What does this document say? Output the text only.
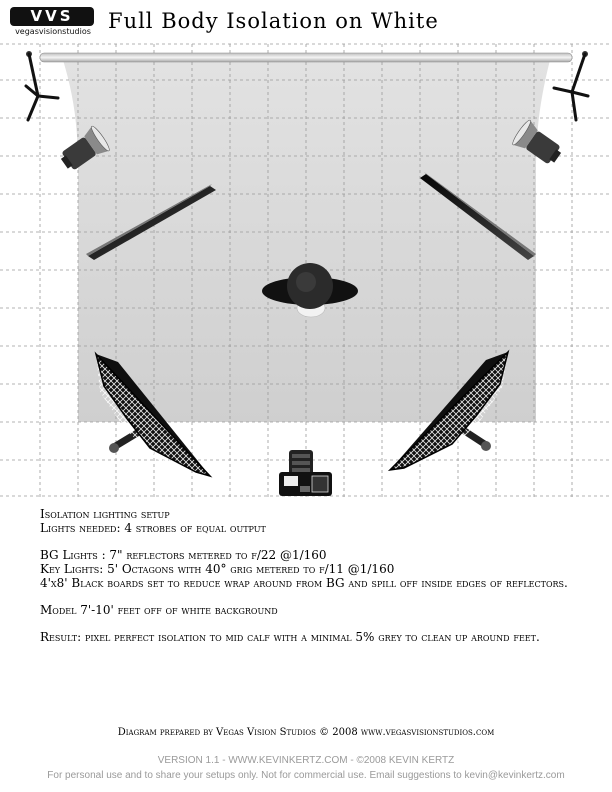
VVS
vegasvisionstudios Full Body Isolation on White
Isolation lighting setup
Lights needed: 4 strobes of equal output
BG Lights : 7" reflectors metered to f/22 @1/160
Key Lights: 5' Octagons with 40° grig metered to f/11 @1/160
4'x8' Black boards set to reduce wrap around from BG and spill off inside edges of reflectors.
Model 7'-10' feet off of white background
Result: pixel perfect isolation to mid calf with a minimal 5% grey to clean up around feet.
Diagram prepared by Vegas Vision Studios © 2008 www.vegasvisionstudios.com
VERSION 1.1 - WWW.KEVINKERTZ.COM - ©2008 KEVIN KERTZ
For personal use and to share your setups only. Not for commercial use. Email suggestions to kevin@kevinkertz.com
